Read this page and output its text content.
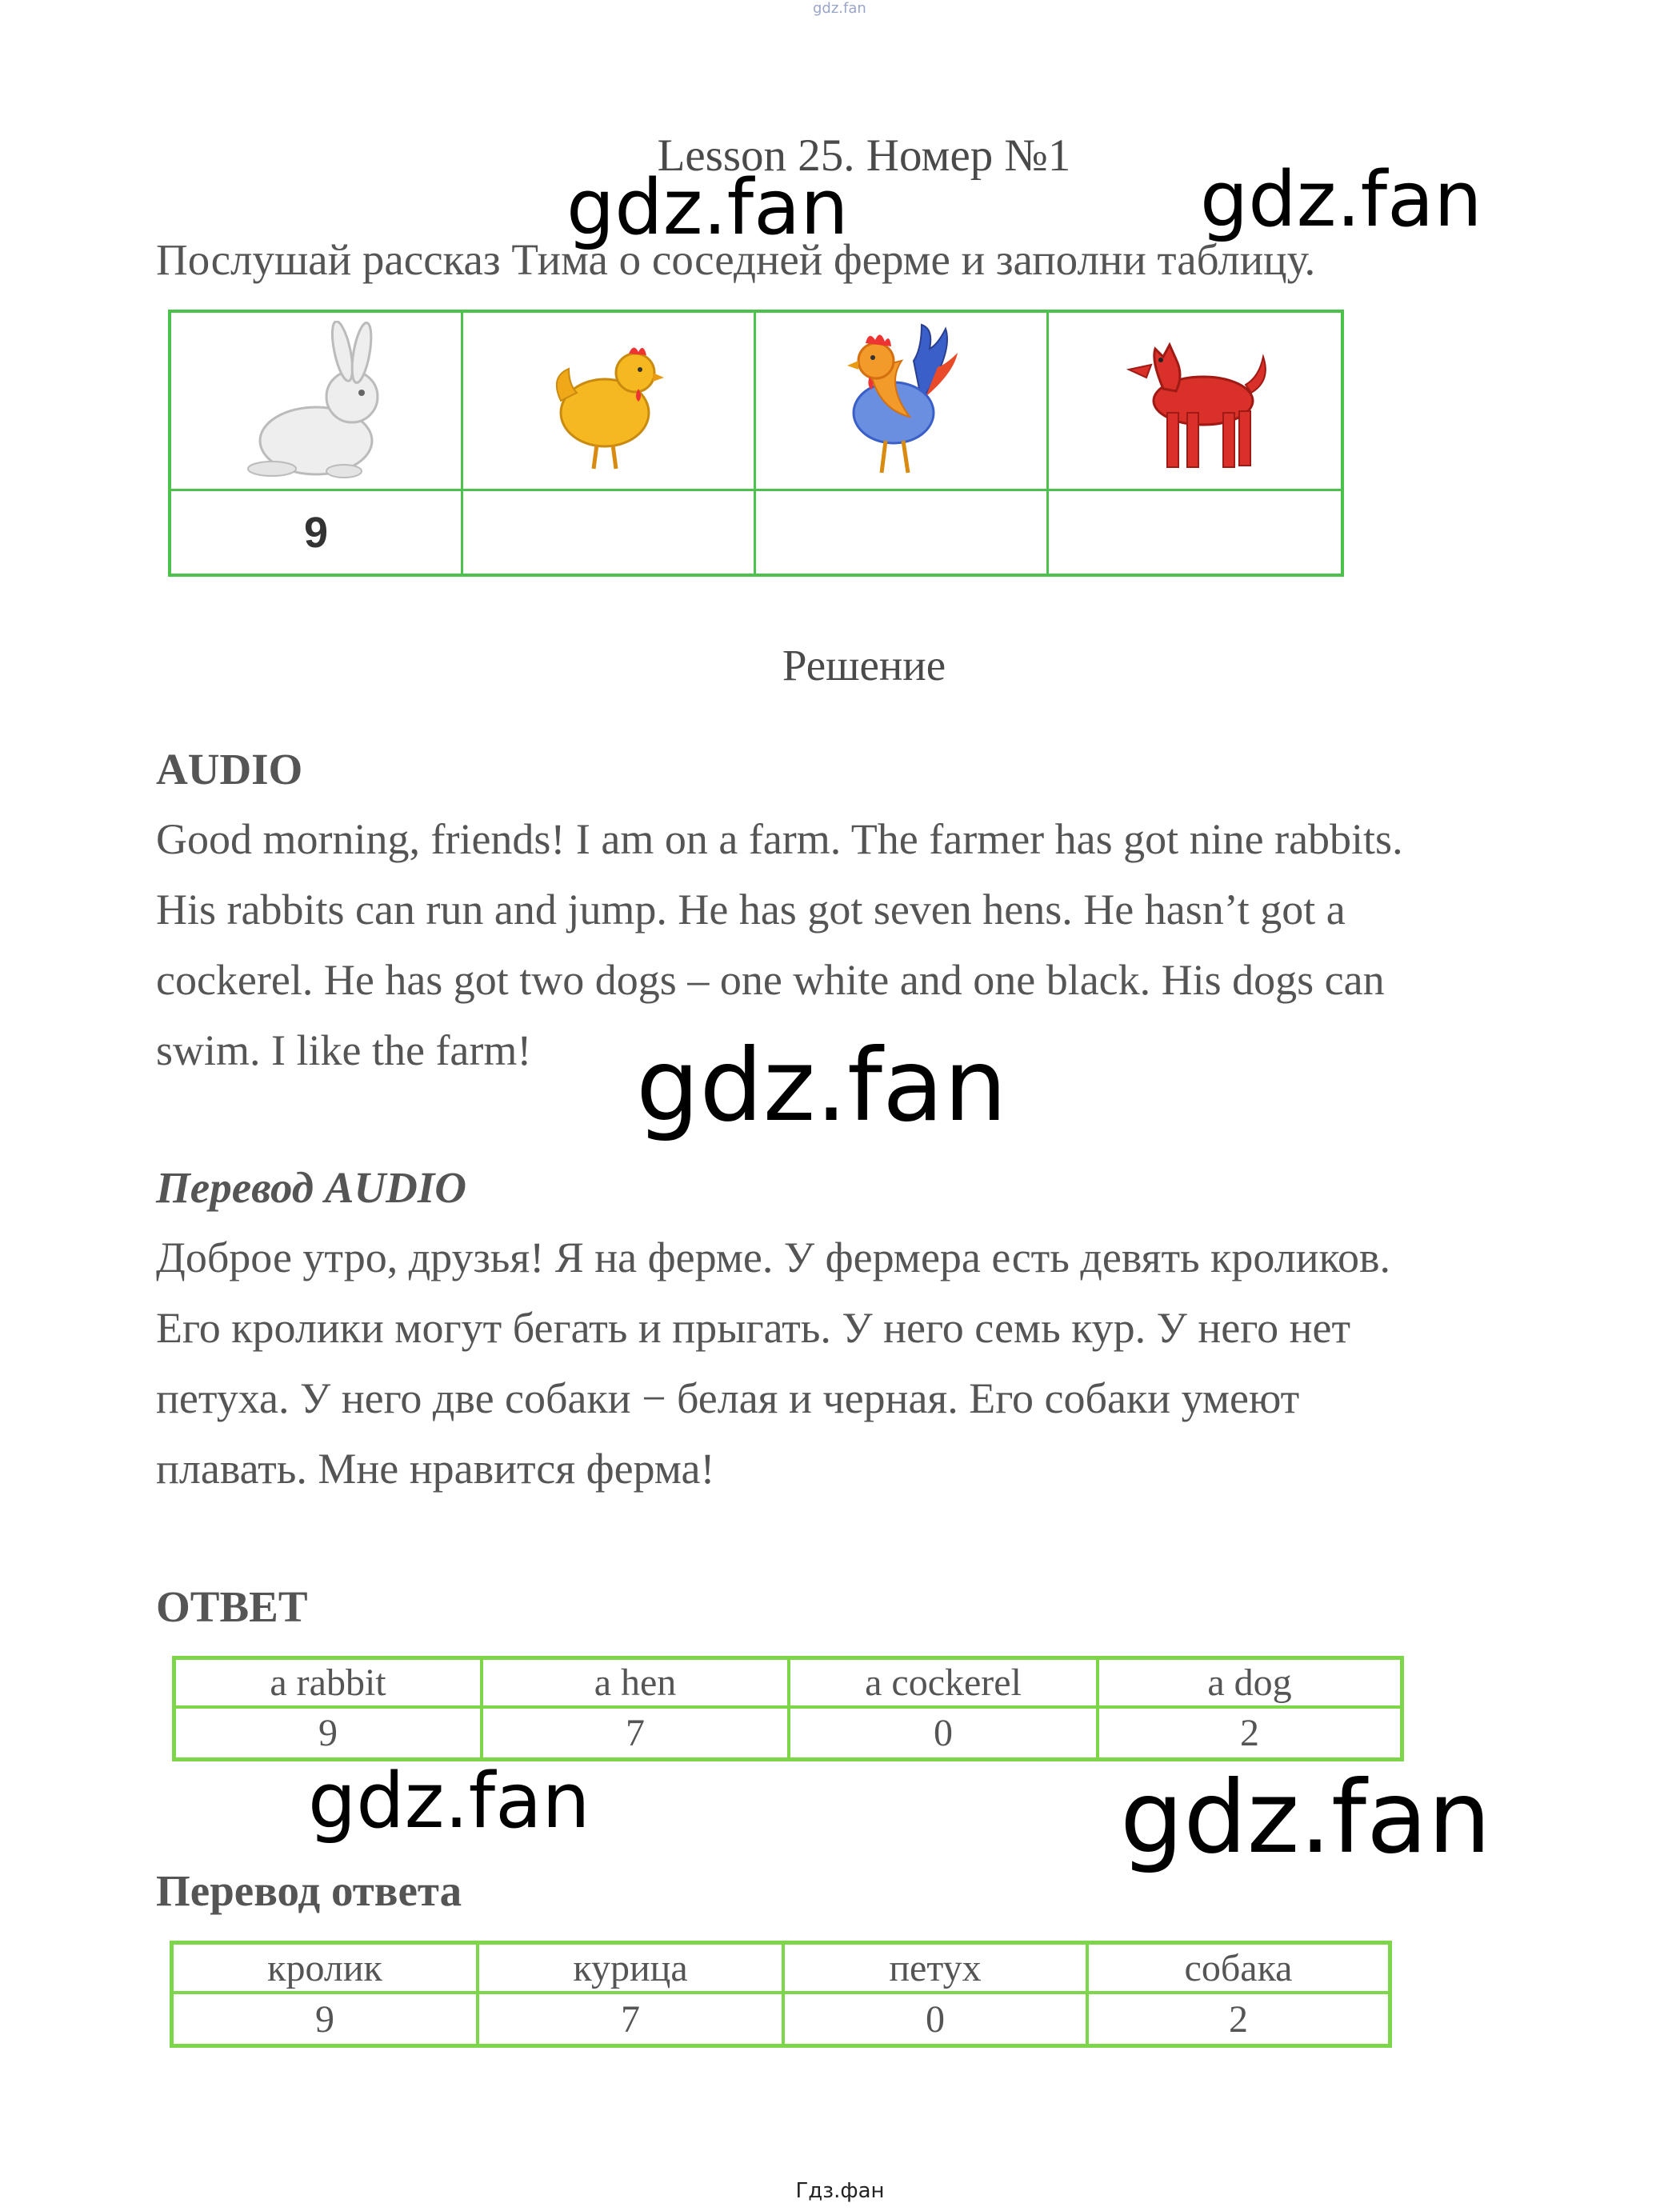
gdz.fan
Lesson 25. Номер №1
gdz.fan	gdz.fan
Послушай рассказ Тима о соседней ферме и заполни таблицу.
9
Решение
AUDIO
Good morning, friends! I am on a farm. The farmer has got nine rabbits.
His rabbits can run and jump. He has got seven hens. He hasn’t got a
cockerel. He has got two dogs – one white and one black. His dogs can
swim. I like the farm!	gdz.fan
Перевод AUDIO
Доброе утро, друзья! Я на ферме. У фермера есть девять кроликов.
Его кролики могут бегать и прыгать. У него семь кур. У него нет
петуха. У него две собаки − белая и черная. Его собаки умеют
плавать. Мне нравится ферма!
ОТВЕТ
a rabbit	a hen	a cockerel	a dog
9	7	0	2
gdz.fan	gdz.fan
Перевод ответа
кролик	курица	петух	собака
9	7	0	2
Гдз.фан
